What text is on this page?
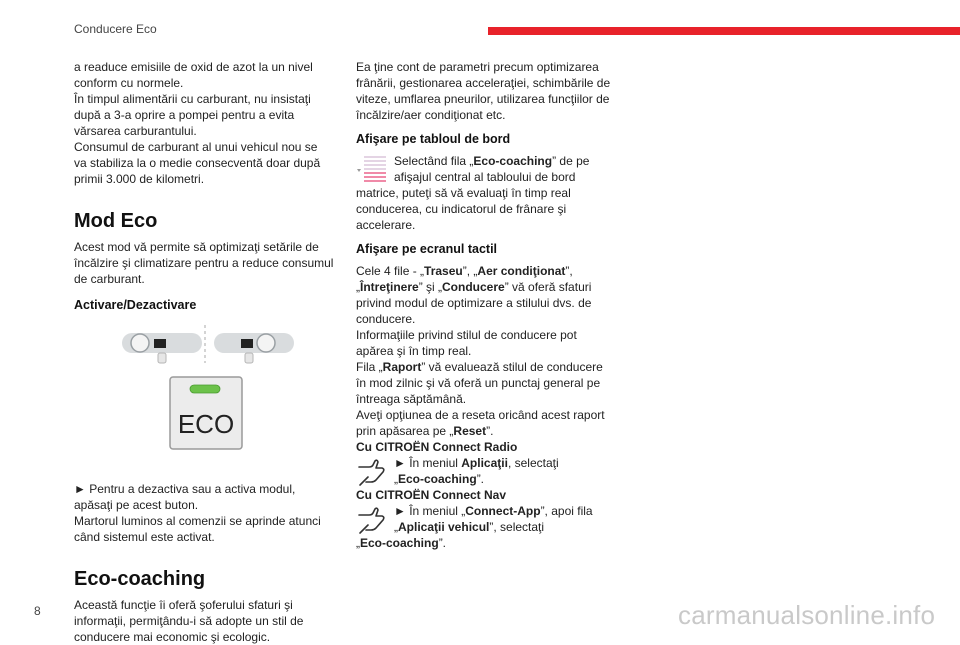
Conducere Eco

a readuce emisiile de oxid de azot la un nivel

conform cu normele.

În timpul alimentării cu carburant, nu insistaţi

după a 3-a oprire a pompei pentru a evita

vărsarea carburantului.

Consumul de carburant al unui vehicul nou se

va stabiliza la o medie consecventă doar după

primii 3.000 de kilometri.

Mod Eco

Acest mod vă permite să optimizaţi setările de

încălzire şi climatizare pentru a reduce consumul

de carburant.

Activare/Dezactivare
ECO

► Pentru a dezactiva sau a activa modul,

apăsaţi pe acest buton.

Martorul luminos al comenzii se aprinde atunci

când sistemul este activat.

Eco-coaching

Această funcţie îi oferă şoferului sfaturi şi

informaţii, permiţându-i să adopte un stil de

conducere mai economic şi ecologic.

Ea ţine cont de parametri precum optimizarea

frânării, gestionarea acceleraţiei, schimbările de

viteze, umflarea pneurilor, utilizarea funcţiilor de

încălzire/aer condiţionat etc.

Afişare pe tabloul de bord

Selectând fila „Eco-coaching” de pe

afişajul central al tabloului de bord

matrice, puteţi să vă evaluaţi în timp real

conducerea, cu indicatorul de frânare şi

accelerare.

Afişare pe ecranul tactil

Cele 4 file - „Traseu”, „Aer condiţionat”,

„Întreţinere” şi „Conducere” vă oferă sfaturi

privind modul de optimizare a stilului dvs. de

conducere.

Informaţiile privind stilul de conducere pot

apărea şi în timp real.

Fila „Raport” vă evaluează stilul de conducere

în mod zilnic şi vă oferă un punctaj general pe

întreaga săptămână.

Aveţi opţiunea de a reseta oricând acest raport

prin apăsarea pe „Reset”.

Cu CITROËN Connect Radio

► În meniul Aplicaţii, selectaţi

„Eco-coaching”.

Cu CITROËN Connect Nav

► În meniul „Connect-App”, apoi fila

„Aplicaţii vehicul”, selectaţi

„Eco-coaching”.

8	carmanualsonline.info
